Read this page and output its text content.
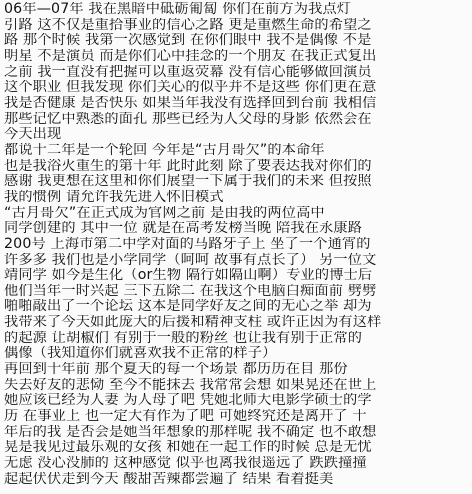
06年—07年 我在黑暗中砥砺匍匐 你们在前方为我点灯
引路 这不仅是重拾事业的信心之路 更是重燃生命的希望之
路 那个时候 我第一次感觉到 在你们眼中 我不是偶像 不是
明星 不是演员 而是你们心中挂念的一个朋友 在我正式复出
之前 我一直没有把握可以重返荧幕 没有信心能够做回演员
这个职业 但我发现 你们关心的似乎并不是这些 你们更在意
我是否健康 是否快乐 如果当年我没有选择回到台前 我相信
那些记忆中熟悉的面孔 那些已经为人父母的身影 依然会在
今天出现
都说十二年是一个轮回 今年是“古月哥欠”的本命年
也是我浴火重生的第十年 此时此刻 除了要表达我对你们的
感谢 我更想在这里和你们展望一下属于我们的未来 但按照
我的惯例 请允许我先进入怀旧模式
“古月哥欠”在正式成为官网之前 是由我的两位高中
同学创建的 其中一位 就是在高考发榜当晚 陪我在永康路
200号 上海市第二中学对面的马路牙子上 坐了一个通宵的
许多多 我们也是小学同学（呵呵 故事有点长了） 另一位文
靖同学 如今是生化（or生物 隔行如隔山啊）专业的博士后
他们当年一时兴起 三下五除二 在我这个电脑白痴面前 劈劈
啪啪敲出了一个论坛 这本是同学好友之间的无心之举 却为
我带来了今天如此庞大的后援和精神支柱 或许正因为有这样
的起源 让胡椒们 有别于一般的粉丝 也让我有别于正常的
偶像（我知道你们就喜欢我不正常的样子）
再回到十年前 那个夏天的每一个场景 都历历在目 那份
失去好友的悲恸 至今不能抹去 我常常会想 如果晃还在世上
她应该已经为人妻 为人母了吧 凭她北师大电影学硕士的学
历 在事业上 也一定大有作为了吧 可她终究还是离开了 十
年后的我 是否会是她当年想象的那样呢 我不确定 也不敢想
晃是我见过最乐观的女孩 和她在一起工作的时候 总是无忧
无虑 没心没肺的 这种感觉 似乎也离我很遥远了 跌跌撞撞
起起伏伏走到今天 酸甜苦辣都尝遍了 结果 看着挺美
